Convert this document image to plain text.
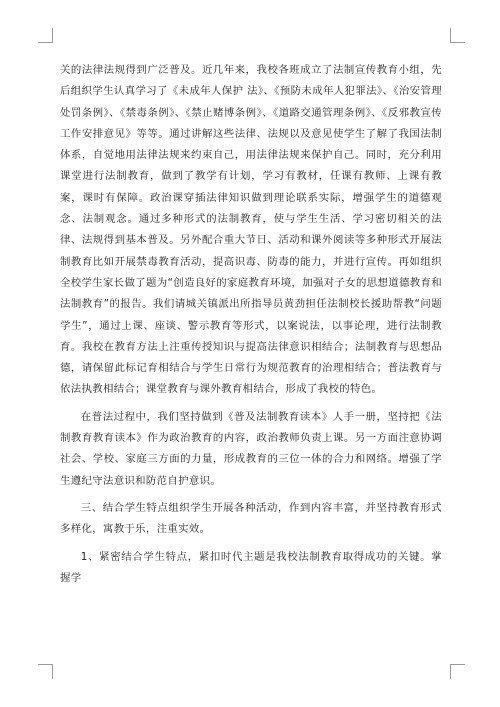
关的法律法规得到广泛普及。近几年来，我校各班成立了法制宣传教育小组，先后组织学生认真学习了《未成年人保护 法》、《预防未成年人犯罪法》、《治安管理处罚条例》、《禁毒条例》、《禁止赌博条例》、《道路交通管理条例》、《反邪教宣传工作安排意见》等等。通过讲解这些法律、法规以及意见使学生了解了我国法制体系，自觉地用法律法规来约束自己，用法律法规来保护自己。同时，充分利用课堂进行法制教育，做到了教学有计划，学习有教材，任课有教师、上课有教案，课时有保障。政治课穿插法律知识做到理论联系实际，增强学生的道德观念、法制观念。通过多种形式的法制教育，使与学生生活、学习密切相关的法律、法规得到基本普及。另外配合重大节日、活动和课外阅读等多种形式开展法制教育比如开展禁毒教育活动，提高识毒、防毒的能力，并进行宣传。再如组织全校学生家长做了题为“创造良好的家庭教育环境，加强对子女的思想道德教育和法制教育”的报告。我们请城关镇派出所指导员黄劲担任法制校长援助帮教“问题学生”，通过上课、座谈、警示教育等形式，以案说法，以事论理，进行法制教育。我校在教育方法上注重传授知识与提高法律意识相结合；法制教育与思想品德，请保留此标记育相结合与学生日常行为规范教育的治理相结合；普法教育与依法执教相结合；课堂教育与课外教育相结合，形成了我校的特色。

在普法过程中，我们坚持做到《普及法制教育读本》人手一册，坚持把《法制教育教育读本》作为政治教育的内容，政治教师负责上课。另一方面注意协调社会、学校、家庭三方面的力量，形成教育的三位一体的合力和网络。增强了学生遵纪守法意识和防范自护意识。

三、结合学生特点组织学生开展各种活动，作到内容丰富，并坚持教育形式多样化，寓教于乐，注重实效。

1、紧密结合学生特点，紧扣时代主题是我校法制教育取得成功的关键。掌握学
